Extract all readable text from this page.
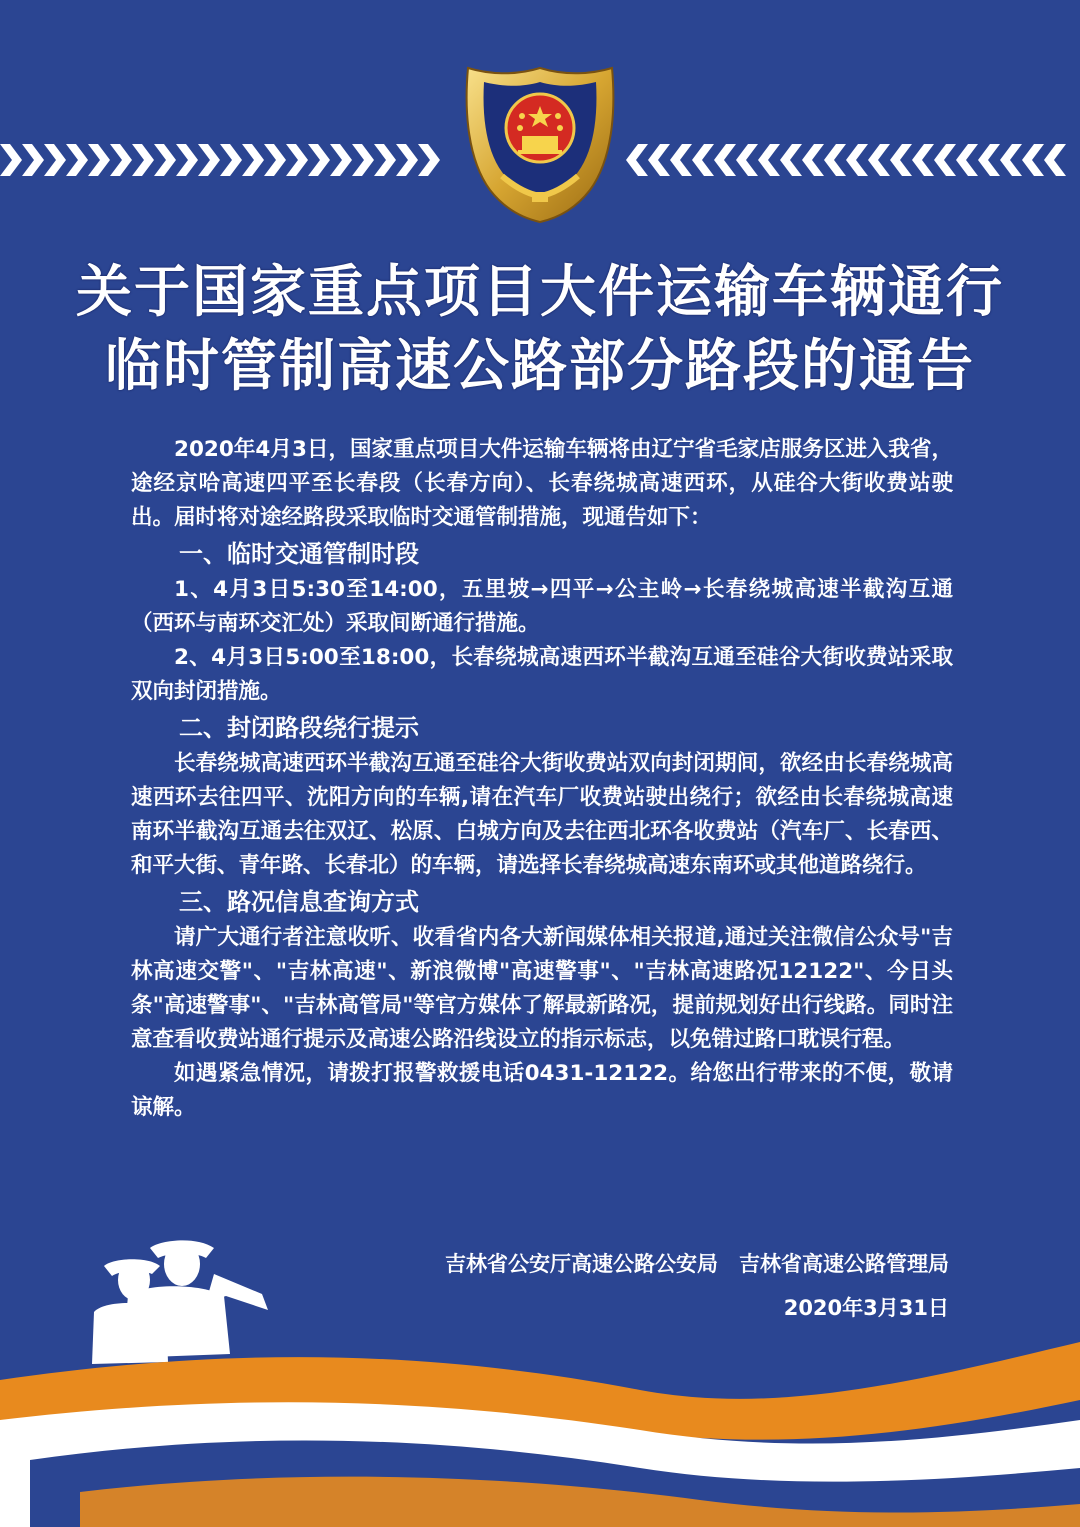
关于国家重点项目大件运输车辆通行
临时管制高速公路部分路段的通告

2020年4月3日，国家重点项目大件运输车辆将由辽宁省毛家店服务区进入我省，途经京哈高速四平至长春段（长春方向）、长春绕城高速西环，从硅谷大街收费站驶出。届时将对途经路段采取临时交通管制措施，现通告如下：

一、临时交通管制时段

1、4月3日5:30至14:00，五里坡→四平→公主岭→长春绕城高速半截沟互通（西环与南环交汇处）采取间断通行措施。

2、4月3日5:00至18:00，长春绕城高速西环半截沟互通至硅谷大街收费站采取双向封闭措施。

二、封闭路段绕行提示

长春绕城高速西环半截沟互通至硅谷大街收费站双向封闭期间，欲经由长春绕城高速西环去往四平、沈阳方向的车辆,请在汽车厂收费站驶出绕行；欲经由长春绕城高速南环半截沟互通去往双辽、松原、白城方向及去往西北环各收费站（汽车厂、长春西、和平大街、青年路、长春北）的车辆，请选择长春绕城高速东南环或其他道路绕行。

三、路况信息查询方式

请广大通行者注意收听、收看省内各大新闻媒体相关报道,通过关注微信公众号"吉林高速交警"、"吉林高速"、新浪微博"高速警事"、"吉林高速路况12122"、今日头条"高速警事"、"吉林高管局"等官方媒体了解最新路况，提前规划好出行线路。同时注意查看收费站通行提示及高速公路沿线设立的指示标志，以免错过路口耽误行程。

如遇紧急情况，请拨打报警救援电话0431-12122。给您出行带来的不便，敬请谅解。

吉林省公安厅高速公路公安局　吉林省高速公路管理局
2020年3月31日
